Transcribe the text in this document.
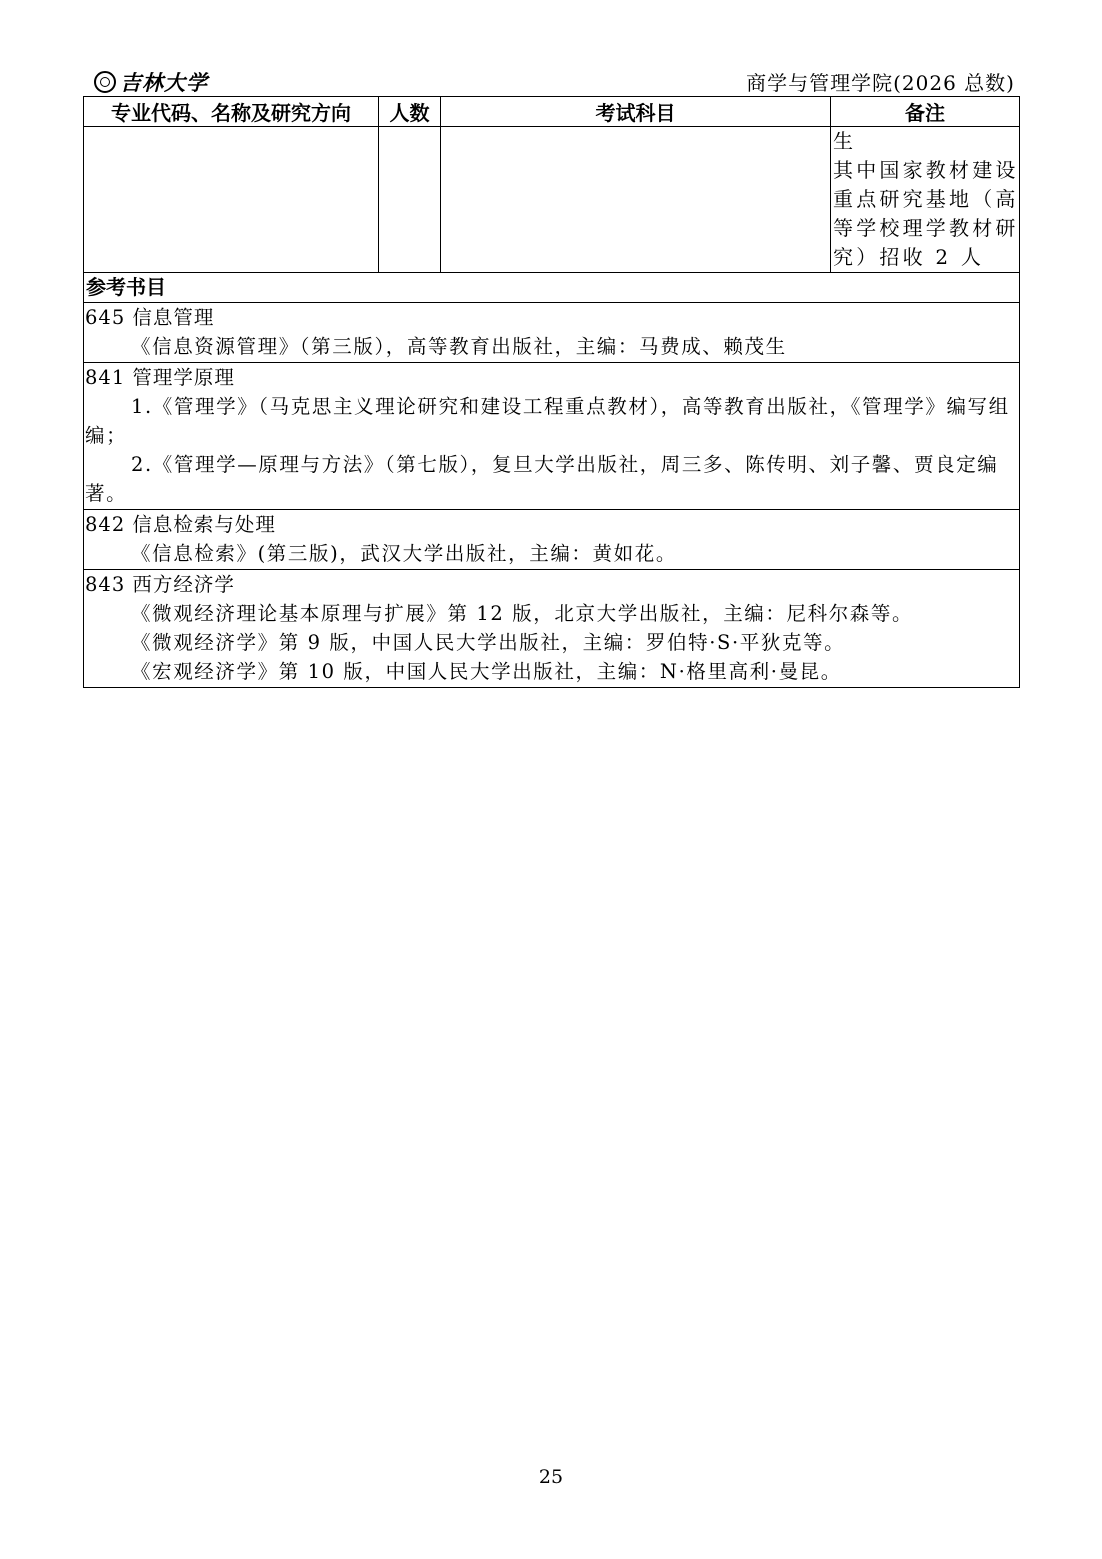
吉林大学	商学与管理学院(2026 总数)
专业代码、名称及研究方向	人数	考试科目	备注

			生
其中国家教材建设
重点研究基地（高
等学校理学教材研
究）招收 2 人

参考书目			

645 信息管理
《信息资源管理》（第三版），高等教育出版社，主编：马费成、赖茂生			

841 管理学原理
1.《管理学》（马克思主义理论研究和建设工程重点教材），高等教育出版社，《管理学》编写组编；
2.《管理学—原理与方法》（第七版），复旦大学出版社，周三多、陈传明、刘子馨、贾良定编著。			

842 信息检索与处理
《信息检索》(第三版)，武汉大学出版社，主编：黄如花。			

843 西方经济学
《微观经济理论基本原理与扩展》第 12 版，北京大学出版社，主编：尼科尔森等。
《微观经济学》第 9 版，中国人民大学出版社，主编：罗伯特·S·平狄克等。
《宏观经济学》第 10 版，中国人民大学出版社，主编：N·格里高利·曼昆。			
25
